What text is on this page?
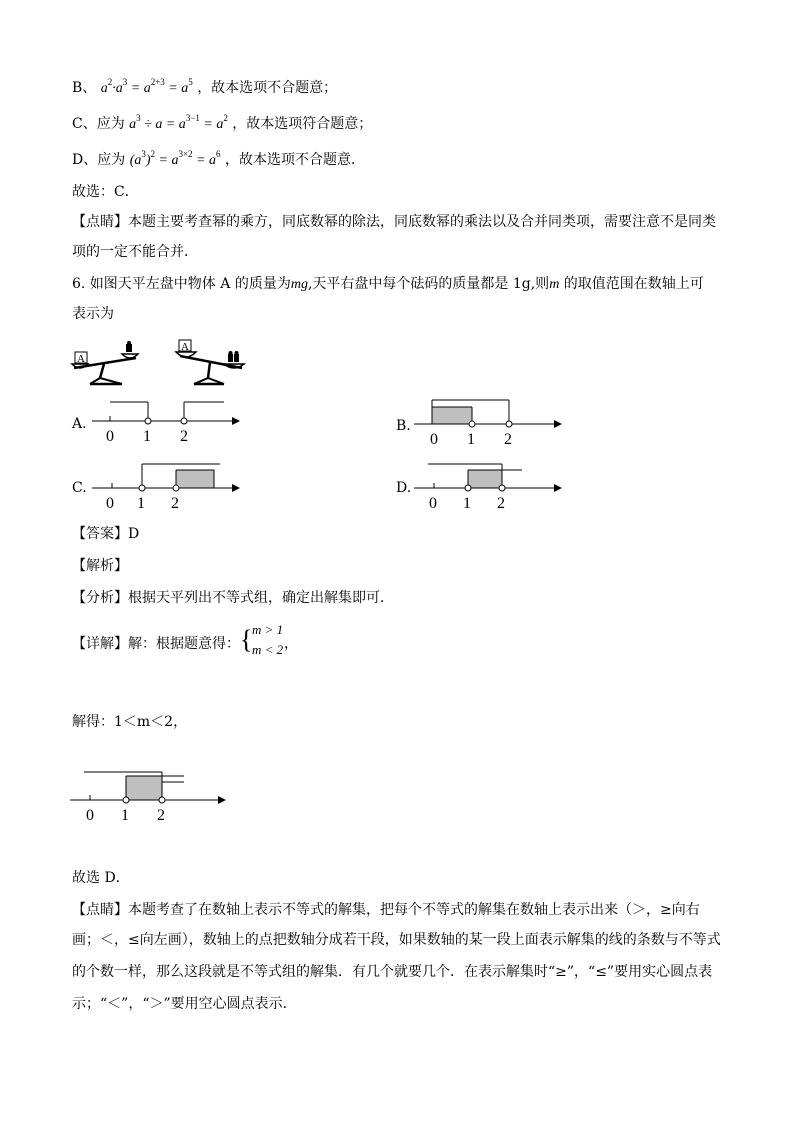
B、 $a^2\cdot a^3 = a^{2+3} = a^5$ ，故本选项不合题意；
C、应为 $a^3 \div a = a^{3-1} = a^2$ ，故本选项符合题意；
D、应为 $(a^3)^2 = a^{3\times 2} = a^6$ ，故本选项不合题意．
故选：C．
【点睛】本题主要考查幂的乘方，同底数幂的除法，同底数幂的乘法以及合并同类项，需要注意不是同类
项的一定不能合并．
6. 如图天平左盘中物体 A 的质量为mg,天平右盘中每个砝码的质量都是 1g,则m 的取值范围在数轴上可
表示为
A
A
A.
0 1 2
B.
0 1 2
C.
0 1 2
D.
0 1 2
【答案】D
【解析】
【分析】根据天平列出不等式组，确定出解集即可．
【详解】解：根据题意得： { m > 1
m < 2 ，
解得：1＜m＜2，
0 1 2
故选 D．
【点睛】本题考查了在数轴上表示不等式的解集，把每个不等式的解集在数轴上表示出来（＞，≥向右
画；＜，≤向左画），数轴上的点把数轴分成若干段，如果数轴的某一段上面表示解集的线的条数与不等式
的个数一样，那么这段就是不等式组的解集．有几个就要几个．在表示解集时“≥”，“≤”要用实心圆点表
示；“＜”，“＞”要用空心圆点表示．
